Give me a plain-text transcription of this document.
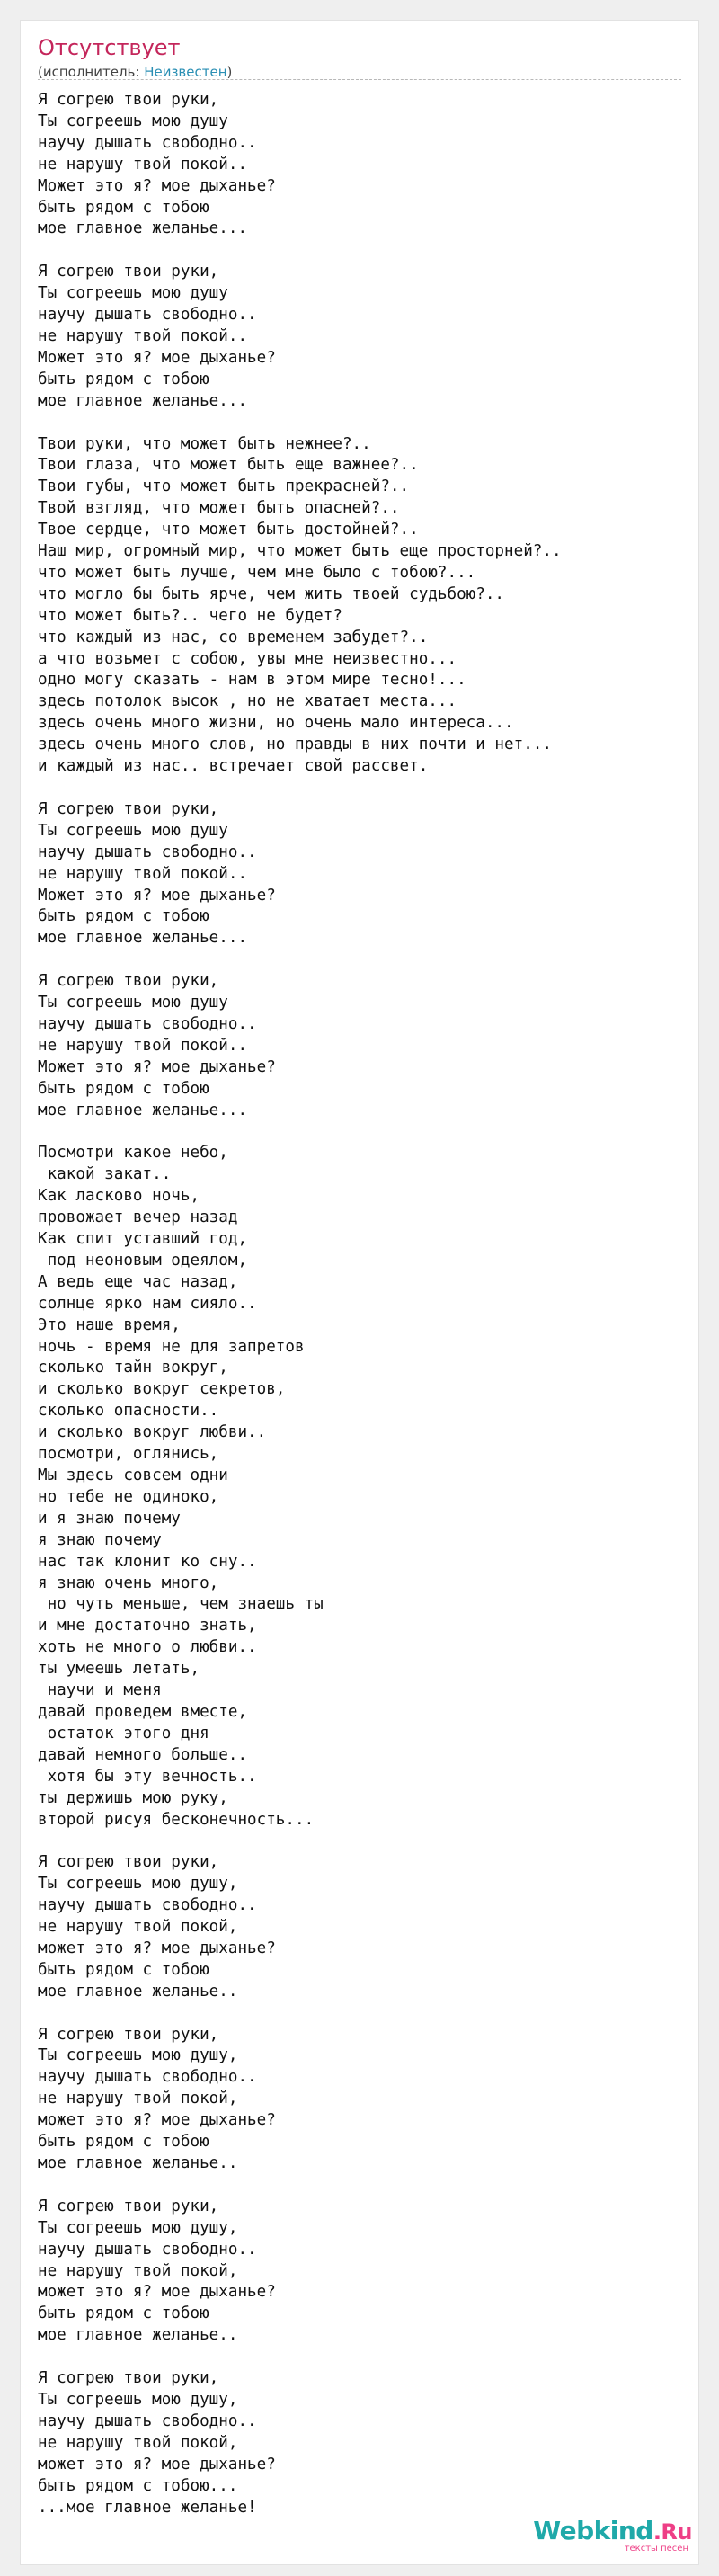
Отсутствует
(исполнитель: Неизвестен)
Я согрею твои руки,
Ты согреешь мою душу
научу дышать свободно..
не нарушу твой покой..
Может это я? мое дыханье?
быть рядом с тобою
мое главное желанье...

Я согрею твои руки,
Ты согреешь мою душу
научу дышать свободно..
не нарушу твой покой..
Может это я? мое дыханье?
быть рядом с тобою
мое главное желанье...

Твои руки, что может быть нежнее?..
Твои глаза, что может быть еще важнее?..
Твои губы, что может быть прекрасней?..
Твой взгляд, что может быть опасней?..
Твое сердце, что может быть достойней?..
Наш мир, огромный мир, что может быть еще просторней?..
что может быть лучше, чем мне было с тобою?...
что могло бы быть ярче, чем жить твоей судьбою?..
что может быть?.. чего не будет?
что каждый из нас, со временем забудет?..
а что возьмет с собою, увы мне неизвестно...
одно могу сказать - нам в этом мире тесно!...
здесь потолок высок , но не хватает места...
здесь очень много жизни, но очень мало интереса...
здесь очень много слов, но правды в них почти и нет...
и каждый из нас.. встречает свой рассвет.

Я согрею твои руки,
Ты согреешь мою душу
научу дышать свободно..
не нарушу твой покой..
Может это я? мое дыханье?
быть рядом с тобою
мое главное желанье...

Я согрею твои руки,
Ты согреешь мою душу
научу дышать свободно..
не нарушу твой покой..
Может это я? мое дыханье?
быть рядом с тобою
мое главное желанье...

Посмотри какое небо,
какой закат..
Как ласково ночь,
провожает вечер назад
Как спит уставший год,
под неоновым одеялом,
А ведь еще час назад,
солнце ярко нам сияло..
Это наше время,
ночь - время не для запретов
сколько тайн вокруг,
и сколько вокруг секретов,
сколько опасности..
и сколько вокруг любви..
посмотри, оглянись,
Мы здесь совсем одни
но тебе не одиноко,
и я знаю почему
я знаю почему
нас так клонит ко сну..
я знаю очень много,
но чуть меньше, чем знаешь ты
и мне достаточно знать,
хоть не много о любви..
ты умеешь летать,
научи и меня
давай проведем вместе,
остаток этого дня
давай немного больше..
хотя бы эту вечность..
ты держишь мою руку,
второй рисуя бесконечность...

Я согрею твои руки,
Ты согреешь мою душу,
научу дышать свободно..
не нарушу твой покой,
может это я? мое дыханье?
быть рядом с тобою
мое главное желанье..

Я согрею твои руки,
Ты согреешь мою душу,
научу дышать свободно..
не нарушу твой покой,
может это я? мое дыханье?
быть рядом с тобою
мое главное желанье..

Я согрею твои руки,
Ты согреешь мою душу,
научу дышать свободно..
не нарушу твой покой,
может это я? мое дыханье?
быть рядом с тобою
мое главное желанье..

Я согрею твои руки,
Ты согреешь мою душу,
научу дышать свободно..
не нарушу твой покой,
может это я? мое дыханье?
быть рядом с тобою...
...мое главное желанье!
Webkind.Ru
тексты песен
